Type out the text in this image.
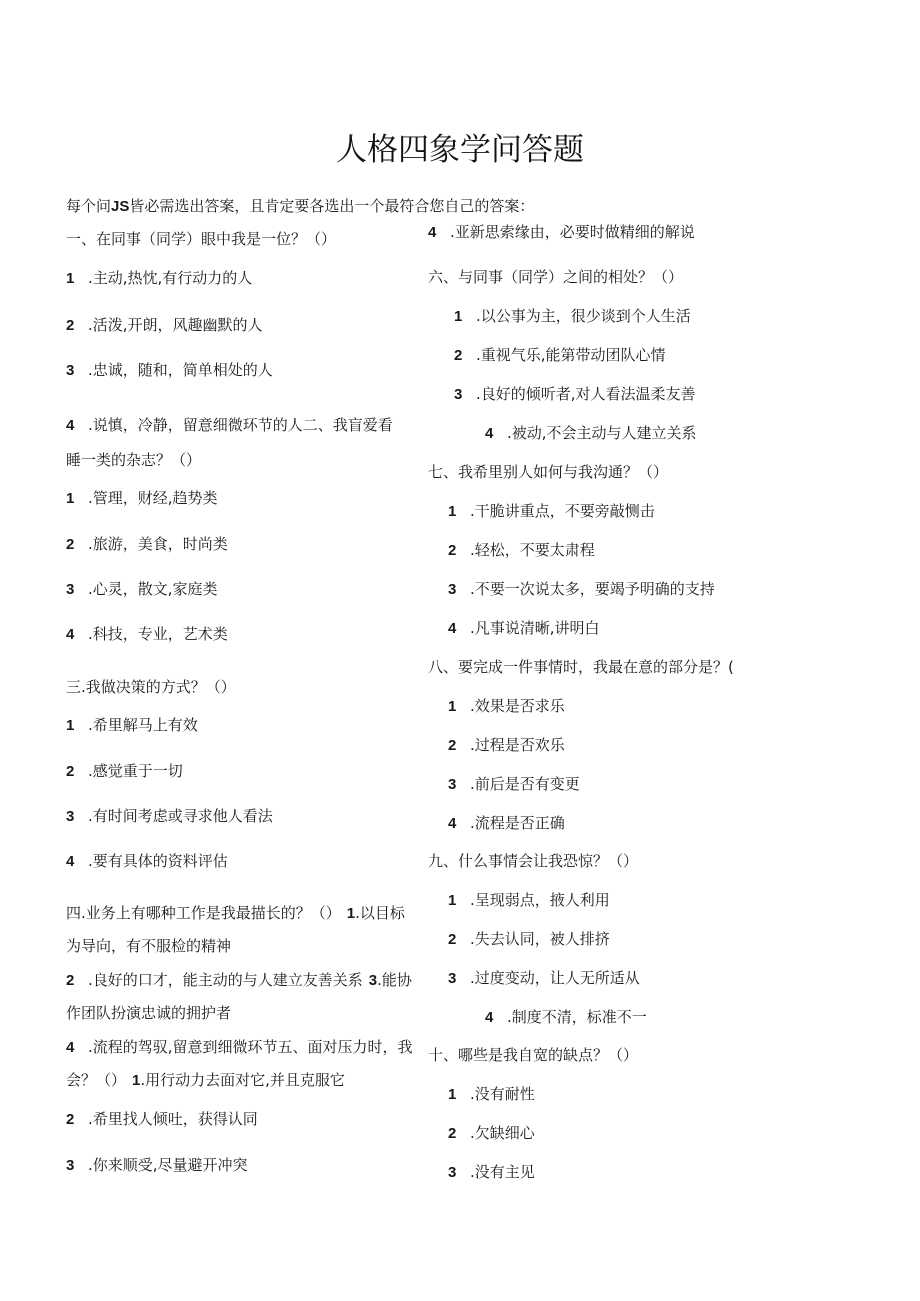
人格四象学问答题
每个问JS皆必需选出答案，且肯定要各选出一个最符合您自己的答案：
一、在同事（同学）眼中我是一位？（）
1 .主动,热忱,有行动力的人
2 .活泼,开朗，风趣幽默的人
3 .忠诚，随和，简单相处的人
4 .说慎，冷静，留意细微环节的人二、我盲爱看
睡一类的杂志？（）
1 .管理，财经,趋势类
2 .旅游，美食，时尚类
3 .心灵，散文,家庭类
4 .科技，专业，艺术类
三.我做决策的方式？（）
1 .希里解马上有效
2 .感觉重于一切
3 .有时间考虑或寻求他人看法
4 .要有具体的资料评估
四.业务上有哪种工作是我最描长的？（） 1.以目标
为导向，有不服检的精神
2 .良好的口才，能主动的与人建立友善关系 3.能协
作团队扮演忠诚的拥护者
4 .流程的驾驭,留意到细微环节五、面对压力时，我
会？（） 1.用行动力去面对它,并且克服它
2 .希里找人倾吐，获得认同
3 .你来顺受,尽量避开冲突
4 .亚新思索缘由，必要时做精细的解说
六、与同事（同学）之间的相处？（）
1 .以公事为主，很少谈到个人生活
2 .重视气乐,能第带动团队心情
3 .良好的倾听者,对人看法温柔友善
4 .被动,不会主动与人建立关系
七、我希里别人如何与我沟通？（）
1 .干脆讲重点，不要旁敲恻击
2 .轻松，不要太肃程
3 .不要一次说太多，要竭予明确的支持
4 .凡事说清晰,讲明白
八、要完成一件事情时，我最在意的部分是？(
1 .效果是否求乐
2 .过程是否欢乐
3 .前后是否有变更
4 .流程是否正确
九、什么事情会让我恐惊？（）
1 .呈现弱点，掖人利用
2 .失去认同，被人排挤
3 .过度变动，让人无所适从
4 .制度不清，标准不一
十、哪些是我自宽的缺点？（）
1 .没有耐性
2 .欠缺细心
3 .没有主见
